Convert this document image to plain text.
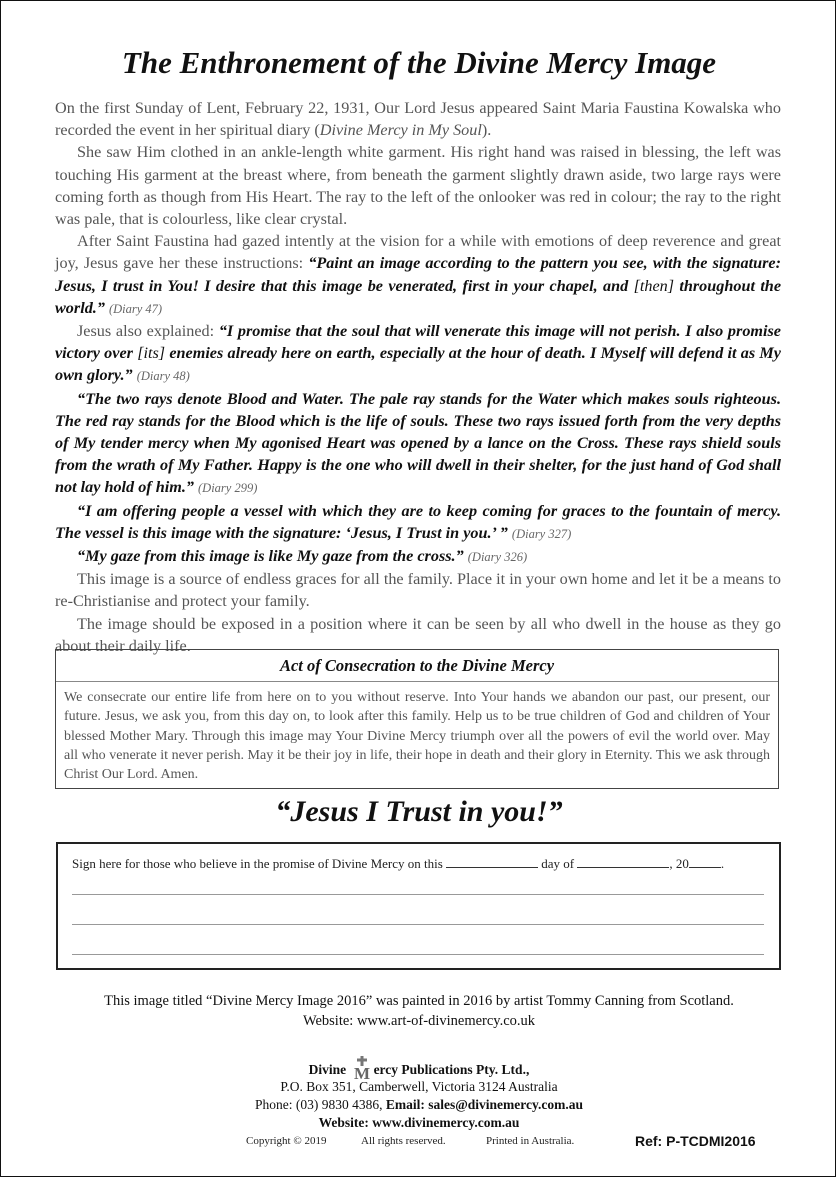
The Enthronement of the Divine Mercy Image

On the first Sunday of Lent, February 22, 1931, Our Lord Jesus appeared Saint Maria Faustina Kowalska who recorded the event in her spiritual diary (Divine Mercy in My Soul).

She saw Him clothed in an ankle-length white garment. His right hand was raised in blessing, the left was touching His garment at the breast where, from beneath the garment slightly drawn aside, two large rays were coming forth as though from His Heart. The ray to the left of the onlooker was red in colour; the ray to the right was pale, that is colourless, like clear crystal.

After Saint Faustina had gazed intently at the vision for a while with emotions of deep reverence and great joy, Jesus gave her these instructions: “Paint an image according to the pattern you see, with the signature: Jesus, I trust in You! I desire that this image be venerated, first in your chapel, and [then] throughout the world.” (Diary 47)

Jesus also explained: “I promise that the soul that will venerate this image will not perish. I also promise victory over [its] enemies already here on earth, especially at the hour of death. I Myself will defend it as My own glory.” (Diary 48)

“The two rays denote Blood and Water. The pale ray stands for the Water which makes souls righteous. The red ray stands for the Blood which is the life of souls. These two rays issued forth from the very depths of My tender mercy when My agonised Heart was opened by a lance on the Cross. These rays shield souls from the wrath of My Father. Happy is the one who will dwell in their shelter, for the just hand of God shall not lay hold of him.” (Diary 299)

“I am offering people a vessel with which they are to keep coming for graces to the fountain of mercy. The vessel is this image with the signature: ‘Jesus, I Trust in you.’ ” (Diary 327)

“My gaze from this image is like My gaze from the cross.” (Diary 326)

This image is a source of endless graces for all the family. Place it in your own home and let it be a means to re-Christianise and protect your family.

The image should be exposed in a position where it can be seen by all who dwell in the house as they go about their daily life.

Act of Consecration to the Divine Mercy
We consecrate our entire life from here on to you without reserve. Into Your hands we abandon our past, our present, our future. Jesus, we ask you, from this day on, to look after this family. Help us to be true children of God and children of Your blessed Mother Mary. Through this image may Your Divine Mercy triumph over all the powers of evil the world over. May all who venerate it never perish. May it be their joy in life, their hope in death and their glory in Eternity. This we ask through Christ Our Lord. Amen.
“Jesus I Trust in you!”
Sign here for those who believe in the promise of Divine Mercy on this	day of	, 20 .
This image titled “Divine Mercy Image 2016” was painted in 2016 by artist Tommy Canning from Scotland.
Website: www.art-of-divinemercy.co.uk
Divine M ercy Publications Pty. Ltd.,
P.O. Box 351, Camberwell, Victoria 3124 Australia
Phone: (03) 9830 4386, Email: sales@divinemercy.com.au
Website: www.divinemercy.com.au
Copyright © 2019	All rights reserved.	Printed in Australia.	Ref: P-TCDMI2016
